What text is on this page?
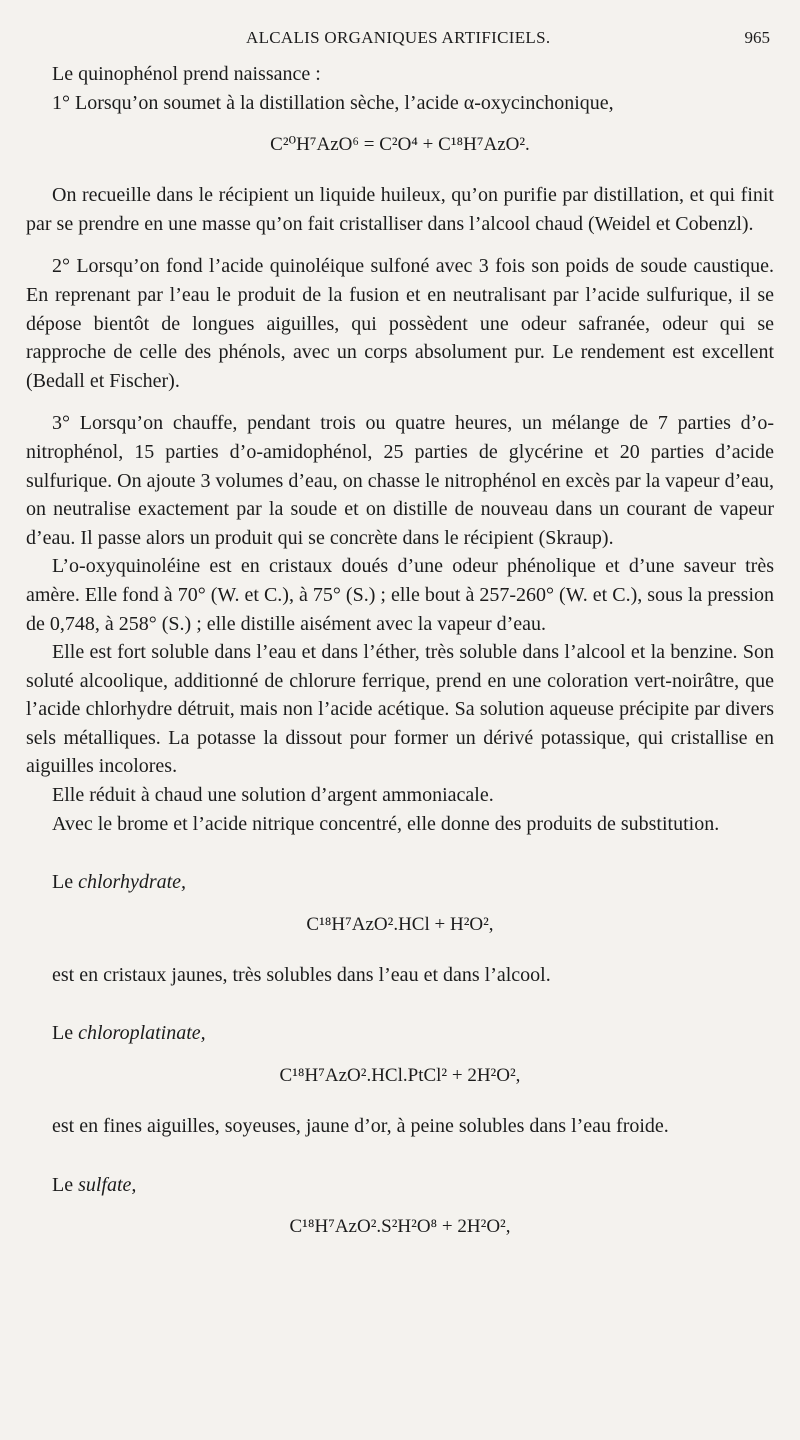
ALCALIS ORGANIQUES ARTIFICIELS.	965

Le quinophénol prend naissance :

1° Lorsqu’on soumet à la distillation sèche, l’acide α-oxycinchonique,

C²⁰H⁷AzO⁶ = C²O⁴ + C¹⁸H⁷AzO².

On recueille dans le récipient un liquide huileux, qu’on purifie par distillation, et qui finit par se prendre en une masse qu’on fait cristalliser dans l’alcool chaud (Weidel et Cobenzl).

2° Lorsqu’on fond l’acide quinoléique sulfoné avec 3 fois son poids de soude caustique. En reprenant par l’eau le produit de la fusion et en neutralisant par l’acide sulfurique, il se dépose bientôt de longues aiguilles, qui possèdent une odeur safranée, odeur qui se rapproche de celle des phénols, avec un corps absolument pur. Le rendement est excellent (Bedall et Fischer).

3° Lorsqu’on chauffe, pendant trois ou quatre heures, un mélange de 7 parties d’o-nitrophénol, 15 parties d’o-amidophénol, 25 parties de glycérine et 20 parties d’acide sulfurique. On ajoute 3 volumes d’eau, on chasse le nitrophénol en excès par la vapeur d’eau, on neutralise exactement par la soude et on distille de nouveau dans un courant de vapeur d’eau. Il passe alors un produit qui se concrète dans le récipient (Skraup).

L’o-oxyquinoléine est en cristaux doués d’une odeur phénolique et d’une saveur très amère. Elle fond à 70° (W. et C.), à 75° (S.) ; elle bout à 257-260° (W. et C.), sous la pression de 0,748, à 258° (S.) ; elle distille aisément avec la vapeur d’eau.

Elle est fort soluble dans l’eau et dans l’éther, très soluble dans l’alcool et la benzine. Son soluté alcoolique, additionné de chlorure ferrique, prend en une coloration vert-noirâtre, que l’acide chlorhydre détruit, mais non l’acide acétique. Sa solution aqueuse précipite par divers sels métalliques. La potasse la dissout pour former un dérivé potassique, qui cristallise en aiguilles incolores.

Elle réduit à chaud une solution d’argent ammoniacale.

Avec le brome et l’acide nitrique concentré, elle donne des produits de substitution.

Le chlorhydrate,

C¹⁸H⁷AzO².HCl + H²O²,

est en cristaux jaunes, très solubles dans l’eau et dans l’alcool.

Le chloroplatinate,

C¹⁸H⁷AzO².HCl.PtCl² + 2H²O²,

est en fines aiguilles, soyeuses, jaune d’or, à peine solubles dans l’eau froide.

Le sulfate,

C¹⁸H⁷AzO².S²H²O⁸ + 2H²O²,
